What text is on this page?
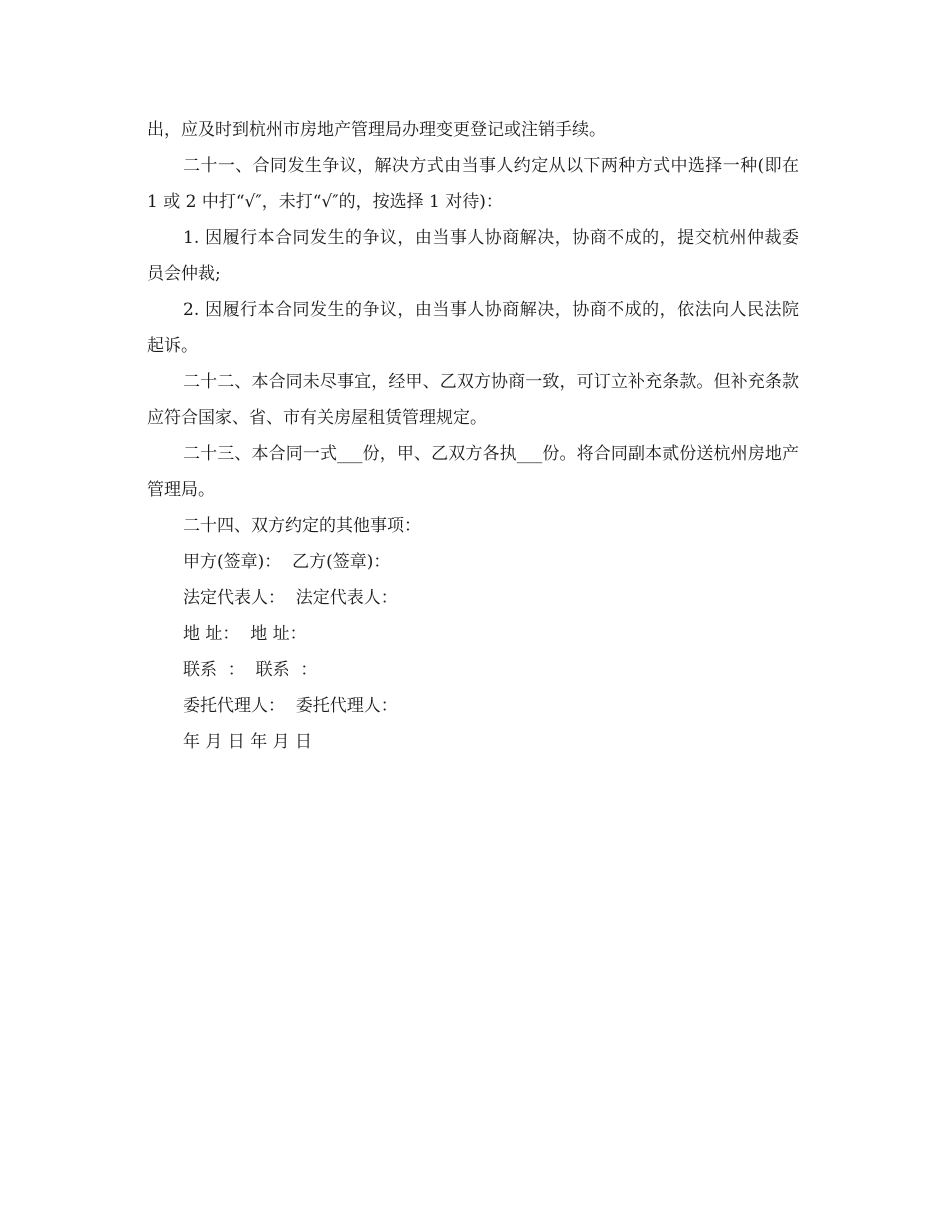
出，应及时到杭州市房地产管理局办理变更登记或注销手续。

二十一、合同发生争议，解决方式由当事人约定从以下两种方式中选择一种(即在 1 或 2 中打“√″，未打“√″的，按选择 1 对待)：

1. 因履行本合同发生的争议，由当事人协商解决，协商不成的，提交杭州仲裁委员会仲裁;

2. 因履行本合同发生的争议，由当事人协商解决，协商不成的，依法向人民法院起诉。

二十二、本合同未尽事宜，经甲、乙双方协商一致，可订立补充条款。但补充条款应符合国家、省、市有关房屋租赁管理规定。

二十三、本合同一式___份，甲、乙双方各执___份。将合同副本贰份送杭州房地产管理局。

二十四、双方约定的其他事项：

甲方(签章)：  乙方(签章)：

法定代表人：  法定代表人：

地 址：  地 址：

联系  ：  联系  ：

委托代理人：  委托代理人：

年 月 日 年 月 日
